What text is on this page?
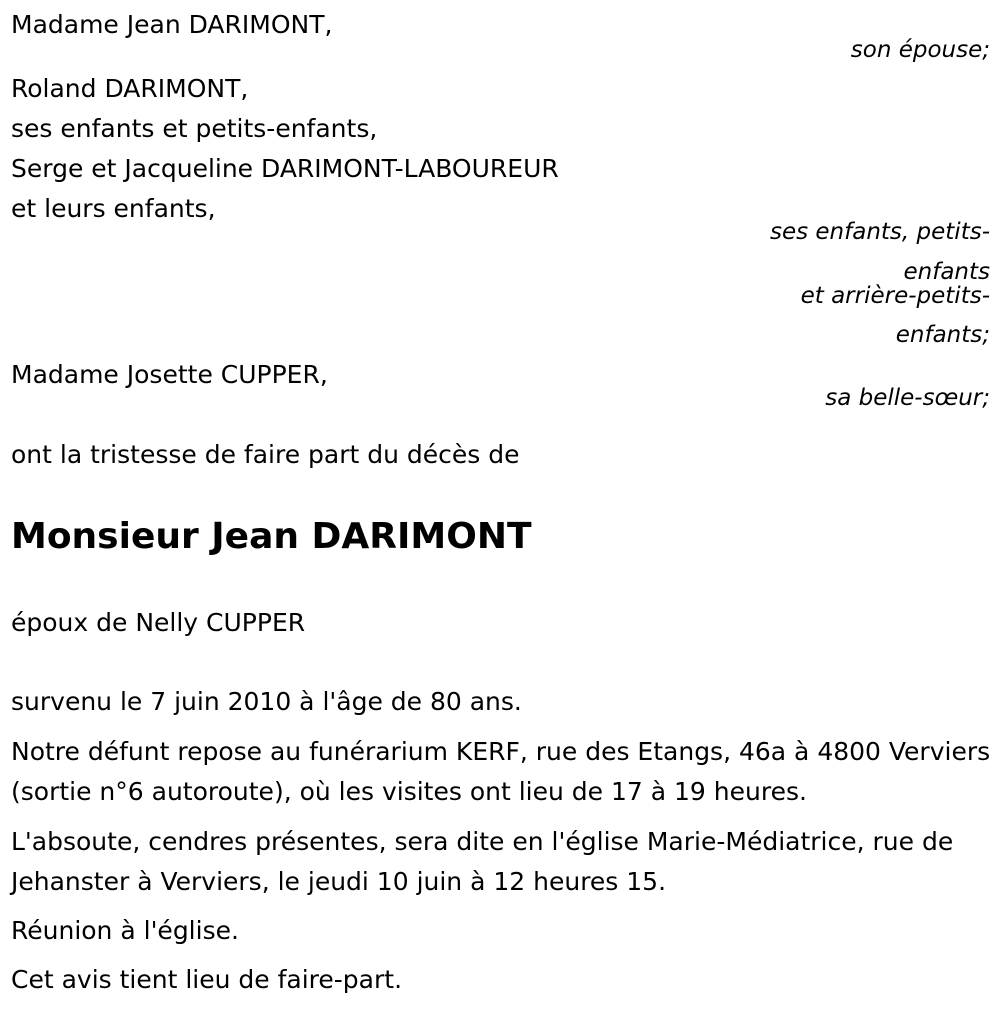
Madame Jean DARIMONT,
son épouse;
Roland DARIMONT,
ses enfants et petits-enfants,
Serge et Jacqueline DARIMONT-LABOUREUR
et leurs enfants,
ses enfants, petits-
enfants
et arrière-petits-
enfants;
Madame Josette CUPPER,
sa belle-sœur;
ont la tristesse de faire part du décès de
Monsieur Jean DARIMONT
époux de Nelly CUPPER
survenu le 7 juin 2010 à l'âge de 80 ans.
Notre défunt repose au funérarium KERF, rue des Etangs, 46a à 4800 Verviers (sortie n°6 autoroute), où les visites ont lieu de 17 à 19 heures.
L'absoute, cendres présentes, sera dite en l'église Marie-Médiatrice, rue de Jehanster à Verviers, le jeudi 10 juin à 12 heures 15.
Réunion à l'église.
Cet avis tient lieu de faire-part.
